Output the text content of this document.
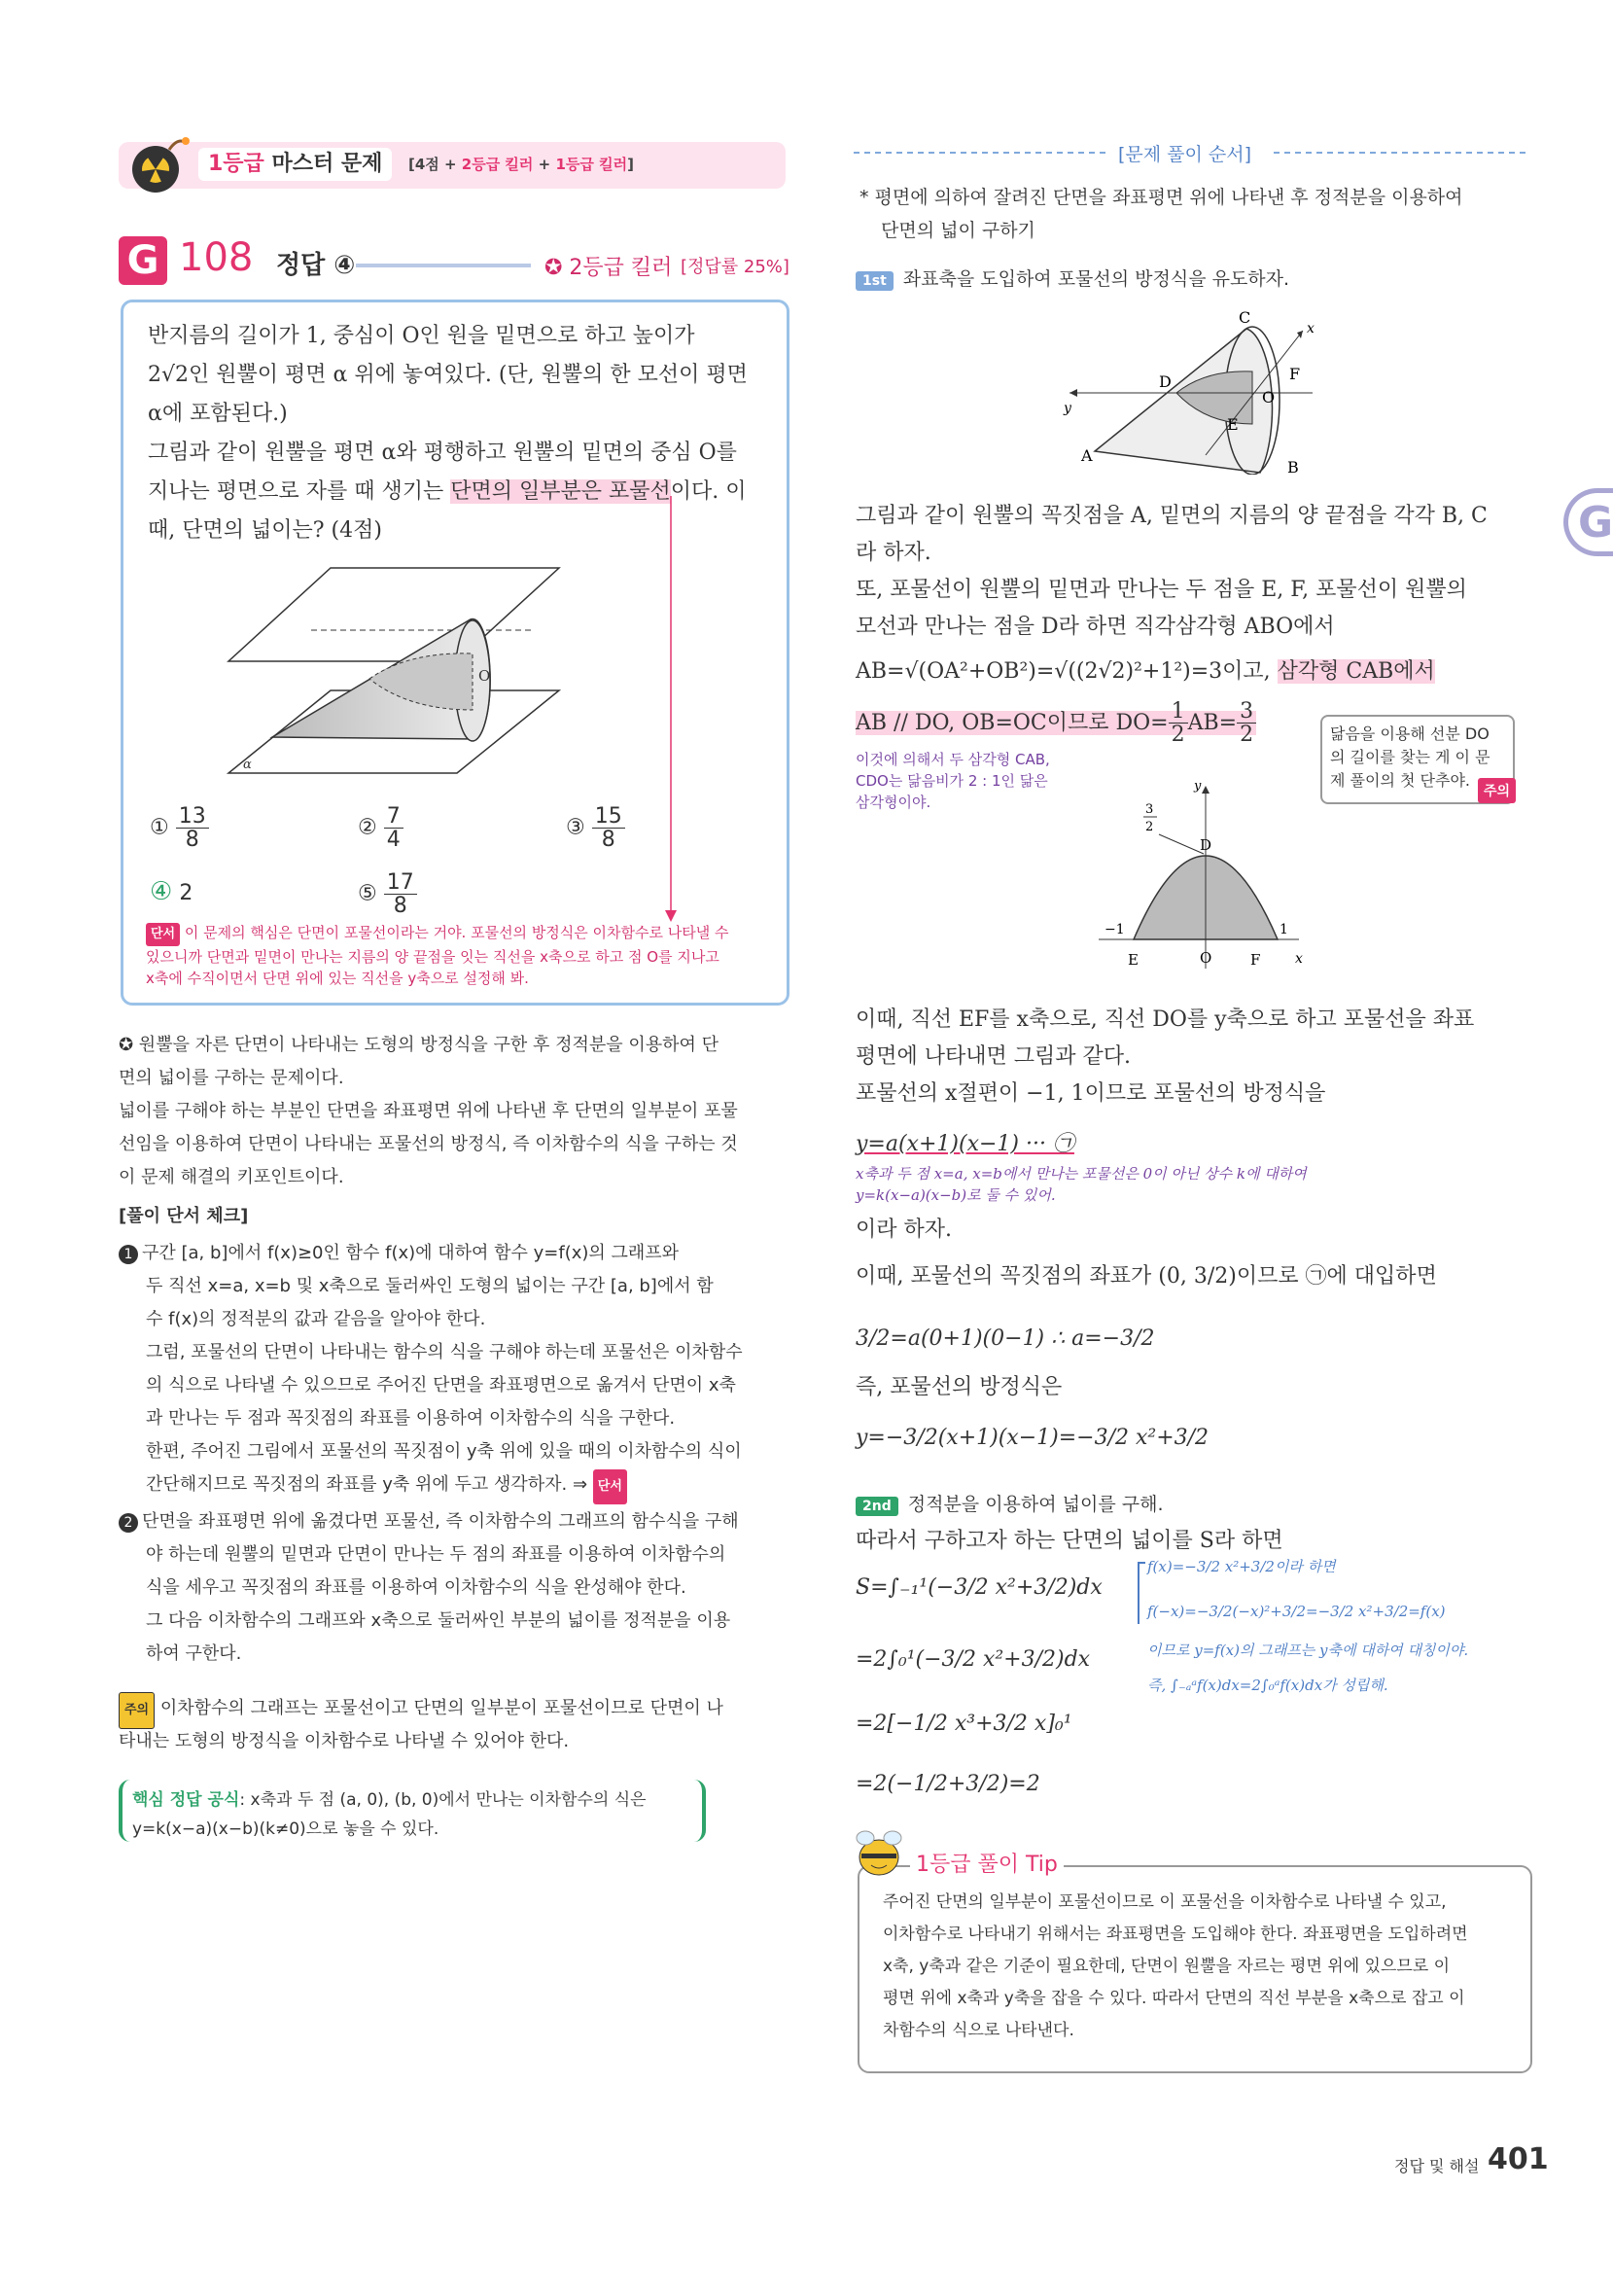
1등급 마스터 문제	[4점 + 2등급 킬러 + 1등급 킬러]
G 108 정답 ④	✪ 2등급 킬러 [정답률 25%]
반지름의 길이가 1, 중심이 O인 원을 밑면으로 하고 높이가
2√2인 원뿔이 평면 α 위에 놓여있다. (단, 원뿔의 한 모선이 평면
α에 포함된다.)
그림과 같이 원뿔을 평면 α와 평행하고 원뿔의 밑면의 중심 O를
지나는 평면으로 자를 때 생기는 단면의 일부분은 포물선이다. 이
때, 단면의 넓이는? (4점)
O
α
① $\frac{13}{8}$	② $\frac{7}{4}$	③ $\frac{15}{8}$
④ 2	⑤ $\frac{17}{8}$
단서 이 문제의 핵심은 단면이 포물선이라는 거야. 포물선의 방정식은 이차함수로 나타낼 수
있으니까 단면과 밑면이 만나는 지름의 양 끝점을 잇는 직선을 x축으로 하고 점 O를 지나고
x축에 수직이면서 단면 위에 있는 직선을 y축으로 설정해 봐.
✪ 원뿔을 자른 단면이 나타내는 도형의 방정식을 구한 후 정적분을 이용하여 단
면의 넓이를 구하는 문제이다.
넓이를 구해야 하는 부분인 단면을 좌표평면 위에 나타낸 후 단면의 일부분이 포물
선임을 이용하여 단면이 나타내는 포물선의 방정식, 즉 이차함수의 식을 구하는 것
이 문제 해결의 키포인트이다.
[풀이 단서 체크]
1 구간 [a, b]에서 f(x)≥0인 함수 f(x)에 대하여 함수 y=f(x)의 그래프와
두 직선 x=a, x=b 및 x축으로 둘러싸인 도형의 넓이는 구간 [a, b]에서 함
수 f(x)의 정적분의 값과 같음을 알아야 한다.
그럼, 포물선의 단면이 나타내는 함수의 식을 구해야 하는데 포물선은 이차함수
의 식으로 나타낼 수 있으므로 주어진 단면을 좌표평면으로 옮겨서 단면이 x축
과 만나는 두 점과 꼭짓점의 좌표를 이용하여 이차함수의 식을 구한다.
한편, 주어진 그림에서 포물선의 꼭짓점이 y축 위에 있을 때의 이차함수의 식이
간단해지므로 꼭짓점의 좌표를 y축 위에 두고 생각하자. ⇒ 단서
2 단면을 좌표평면 위에 옮겼다면 포물선, 즉 이차함수의 그래프의 함수식을 구해
야 하는데 원뿔의 밑면과 단면이 만나는 두 점의 좌표를 이용하여 이차함수의
식을 세우고 꼭짓점의 좌표를 이용하여 이차함수의 식을 완성해야 한다.
그 다음 이차함수의 그래프와 x축으로 둘러싸인 부분의 넓이를 정적분을 이용
하여 구한다.
주의 이차함수의 그래프는 포물선이고 단면의 일부분이 포물선이므로 단면이 나
타내는 도형의 방정식을 이차함수로 나타낼 수 있어야 한다.
핵심 정답 공식: x축과 두 점 (a, 0), (b, 0)에서 만나는 이차함수의 식은
y=k(x−a)(x−b)(k≠0)으로 놓을 수 있다.
[문제 풀이 순서]
* 평면에 의하여 잘려진 단면을 좌표평면 위에 나타낸 후 정적분을 이용하여
단면의 넓이 구하기
1st 좌표축을 도입하여 포물선의 방정식을 유도하자.
C
x
D	F
O
y
E
A
B
그림과 같이 원뿔의 꼭짓점을 A, 밑면의 지름의 양 끝점을 각각 B, C
라 하자.
또, 포물선이 원뿔의 밑면과 만나는 두 점을 E, F, 포물선이 원뿔의
모선과 만나는 점을 D라 하면 직각삼각형 ABO에서
AB=√(OA²+OB²)=√((2√2)²+1²)=3이고, 삼각형 CAB에서
AB // DO, OB=OC이므로 $DO= \frac{1}{2} AB= \frac{3}{2}$
이것에 의해서 두 삼각형 CAB,
CDO는 닮음비가 2 : 1인 닮은
삼각형이야.
닮음을 이용해 선분 DO
의 길이를 찾는 게 이 문
제 풀이의 첫 단추야.
주의
y
3
2
D
−1	1
E	O	F	x
이때, 직선 EF를 x축으로, 직선 DO를 y축으로 하고 포물선을 좌표
평면에 나타내면 그림과 같다.
포물선의 x절편이 −1, 1이므로 포물선의 방정식을
y=a(x+1)(x−1) ··· ㉠
x축과 두 점 x=a, x=b에서 만나는 포물선은 0이 아닌 상수 k에 대하여
y=k(x−a)(x−b)로 둘 수 있어.
이라 하자.
이때, 포물선의 꼭짓점의 좌표가 (0, 3/2)이므로 ㉠에 대입하면
3/2=a(0+1)(0−1) ∴ a=−3/2
즉, 포물선의 방정식은
y=−3/2(x+1)(x−1)=−3/2 x²+3/2
2nd 정적분을 이용하여 넓이를 구해.
따라서 구하고자 하는 단면의 넓이를 S라 하면
S=∫₋₁¹(−3/2 x²+3/2)dx
=2∫₀¹(−3/2 x²+3/2)dx
=2[−1/2 x³+3/2 x]₀¹
=2(−1/2+3/2)=2
f(x)=−3/2 x²+3/2이라 하면
f(−x)=−3/2(−x)²+3/2=−3/2 x²+3/2=f(x)
이므로 y=f(x)의 그래프는 y축에 대하여 대칭이야.
즉, ∫₋ₐᵃf(x)dx=2∫₀ᵃf(x)dx가 성립해.
1등급 풀이 Tip
주어진 단면의 일부분이 포물선이므로 이 포물선을 이차함수로 나타낼 수 있고,
이차함수로 나타내기 위해서는 좌표평면을 도입해야 한다. 좌표평면을 도입하려면
x축, y축과 같은 기준이 필요한데, 단면이 원뿔을 자르는 평면 위에 있으므로 이
평면 위에 x축과 y축을 잡을 수 있다. 따라서 단면의 직선 부분을 x축으로 잡고 이
차함수의 식으로 나타낸다.
G
정답 및 해설 401
